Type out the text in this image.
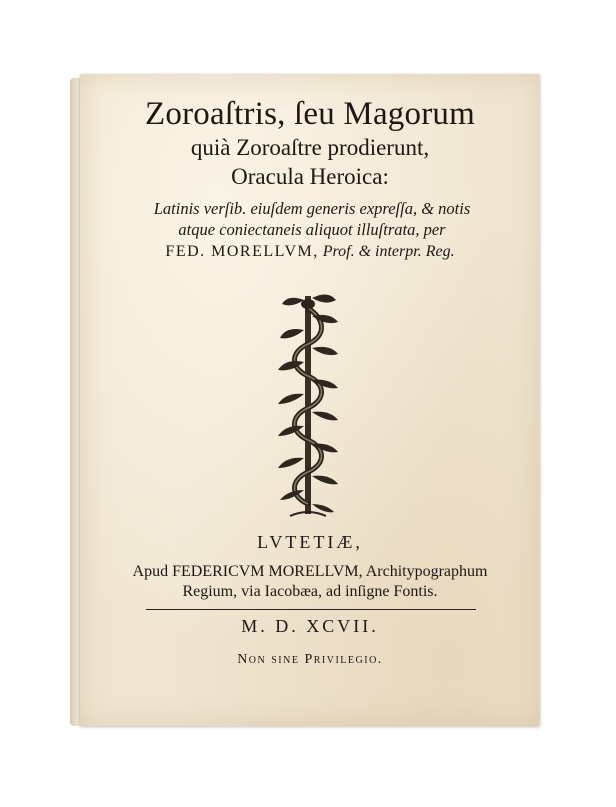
Zoroaſtris, ſeu Magorum
quià Zoroaſtre prodierunt,
Oracula Heroica:
Latinis verſib. eiuſdem generis expreſſa, & notis
atque coniectaneis aliquot illuſtrata, per
FED. MORELLVM, Prof. & interpr. Reg.
LVTETIÆ,
Apud FEDERICVM MORELLVM, Architypographum
Regium, via Iacobæa, ad inſigne Fontis.
M. D. XCVII.
Non sine Privilegio.
